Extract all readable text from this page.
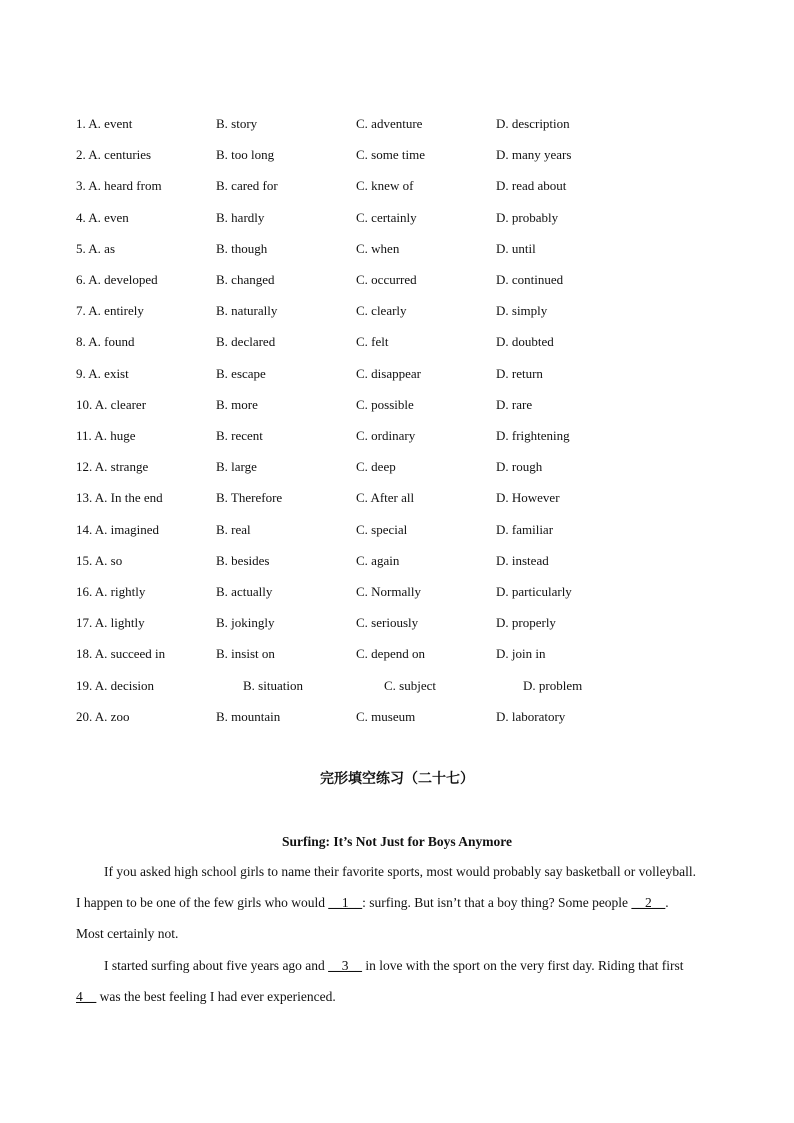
1. A. event	B. story	C. adventure	D. description
2. A. centuries	B. too long	C. some time	D. many years
3. A. heard from	B. cared for	C. knew of	D. read about
4. A. even	B. hardly	C. certainly	D. probably
5. A. as	B. though	C. when	D. until
6. A. developed	B. changed	C. occurred	D. continued
7. A. entirely	B. naturally	C. clearly	D. simply
8. A. found	B. declared	C. felt	D. doubted
9. A. exist	B. escape	C. disappear	D. return
10. A. clearer	B. more	C. possible	D. rare
11. A. huge	B. recent	C. ordinary	D. frightening
12. A. strange	B. large	C. deep	D. rough
13. A. In the end	B. Therefore	C. After all	D. However
14. A. imagined	B. real	C. special	D. familiar
15. A. so	B. besides	C. again	D. instead
16. A. rightly	B. actually	C. Normally	D. particularly
17. A. lightly	B. jokingly	C. seriously	D. properly
18. A. succeed in	B. insist on	C. depend on	D. join in
19. A. decision	B. situation	C. subject	D. problem
20. A. zoo	B. mountain	C. museum	D. laboratory
完形填空练习（二十七）
Surfing: It’s Not Just for Boys Anymore
If you asked high school girls to name their favorite sports, most would probably say basketball or volleyball.
I happen to be one of the few girls who would __1__: surfing. But isn’t that a boy thing? Some people __2__.
Most certainly not.
I started surfing about five years ago and __3__ in love with the sport on the very first day. Riding that first
4__ was the best feeling I had ever experienced.
